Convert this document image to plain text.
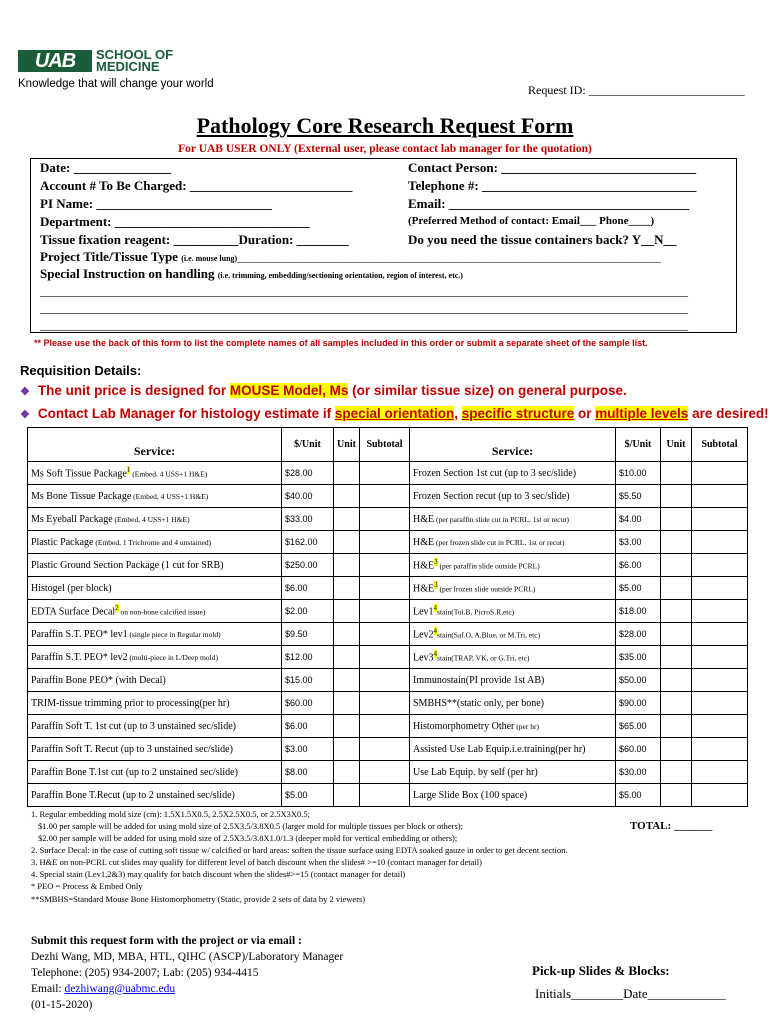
UAB	SCHOOL OF
MEDICINE
Knowledge that will change your world	Request ID: __________________________
Pathology Core Research Request Form
For UAB USER ONLY (External user, please contact lab manager for the quotation)
Date: _______________
Account # To Be Charged: _________________________
PI Name: ___________________________
Department: ______________________________
Tissue fixation reagent: __________Duration: ________
Contact Person: ______________________________
Telephone #: _________________________________
Email: _____________________________________
(Preferred Method of contact: Email___ Phone____)
Do you need the tissue containers back? Y__N__
Project Title/Tissue Type (i.e. mouse lung)_____________________________________________________________________________
Special Instruction on handling (i.e. trimming, embedding/sectioning orientation, region of interest, etc.)
____________________________________________________________________________________________________________
____________________________________________________________________________________________________________
____________________________________________________________________________________________________________
** Please use the back of this form to list the complete names of all samples included in this order or submit a separate sheet of the sample list.
Requisition Details:
❖ The unit price is designed for MOUSE Model, Ms (or similar tissue size) on general purpose.
❖ Contact Lab Manager for histology estimate if special orientation, specific structure or multiple levels are desired!
Service:	$/Unit	Unit	Subtotal	Service:	$/Unit	Unit	Subtotal
Ms Soft Tissue Package$^1$ (Embed, 4 USS+1 H&E)	$28.00			Frozen Section 1st cut (up to 3 sec/slide)	$10.00		
Ms Bone Tissue Package (Embed, 4 USS+1 H&E)	$40.00			Frozen Section recut (up to 3 sec/slide)	$5.50		
Ms Eyeball Package (Embed, 4 USS+1 H&E)	$33.00			H&E (per paraffin slide cut in PCRL, 1st or recut)	$4.00		
Plastic Package (Embed, 1 Trichrome and 4 unstained)	$162.00			H&E (per frozen slide cut in PCRL, 1st or recut)	$3.00		
Plastic Ground Section Package (1 cut for SRB)	$250.00			$H\&E^3$ (per paraffin slide outside PCRL)	$6.00		
Histogel (per block)	$6.00			$H\&E^3$ (per frozen slide outside PCRL)	$5.00		
EDTA Surface Decal$^2$ on non-bone calcified issue)	$2.00			$Lev1^4stain(Tol.B$, PicroS.R,etc)	$18.00		
Paraffin S.T. PEO* lev1 (single piece in Regular mold)	$9.50			$Lev2^4stain(Saf.O$, A.Blue, or M.Tri, etc)	$28.00		
Paraffin S.T. PEO* lev2 (multi-piece in L/Deep mold)	$12.00			$Lev3^4stain(TRAP$, VK, or G.Tri, etc)	$35.00		
Paraffin Bone PEO* (with Decal)	$15.00			Immunostain(PI provide 1st AB)	$50.00		
TRIM-tissue trimming prior to processing(per hr)	$60.00			SMBHS**(static only, per bone)	$90.00		
Paraffin Soft T. 1st cut (up to 3 unstained sec/slide)	$6.00			Histomorphometry Other (per hr)	$65.00		
Paraffin Soft T. Recut (up to 3 unstained sec/slide)	$3.00			Assisted Use Lab Equip.i.e.training(per hr)	$60.00		
Paraffin Bone T.1st cut (up to 2 unstained sec/slide)	$8.00			Use Lab Equip. by self (per hr)	$30.00		
Paraffin Bone T.Recut (up to 2 unstained sec/slide)	$5.00			Large Slide Box (100 space)	$5.00		
1. Regular embedding mold size (cm): 1.5X1.5X0.5, 2.5X2.5X0.5, or 2.5X3X0.5;
$1.00 per sample will be added for using mold size of 2.5X3.5/3.8X0.5 (larger mold for multiple tissues per block or others);
$2.00 per sample will be added for using mold size of 2.5X3.5/3.8X1.0/1.3 (deeper mold for vertical embedding or others);
2. Surface Decal: in the case of cutting soft tissue w/ calcified or hard areas: soften the tissue surface using EDTA soaked gauze in order to get decent section.
3. H&E on non-PCRL cut slides may qualify for different level of batch discount when the slides# >=10 (contact manager for detail)
4. Special stain (Lev1,2&3) may qualify for batch discount when the slides#>=15 (contact manager for detail)
* PEO = Process & Embed Only
**SMBHS=Standard Mouse Bone Histomorphometry (Static, provide 2 sets of data by 2 viewers)
TOTAL: _______
Submit this request form with the project or via email :
Dezhi Wang, MD, MBA, HTL, QIHC (ASCP)/Laboratory Manager
Telephone: (205) 934-2007; Lab: (205) 934-4415
Email: dezhiwang@uabmc.edu
(01-15-2020)
Pick-up Slides & Blocks:
Initials________Date____________
